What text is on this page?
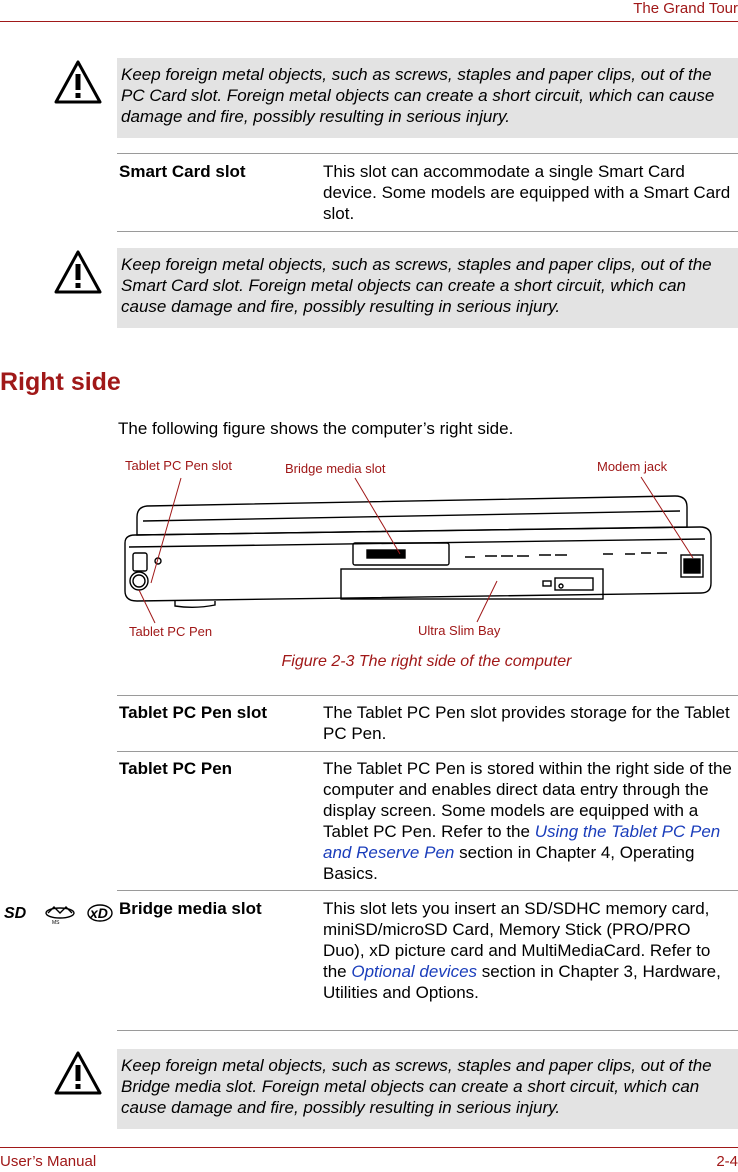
The Grand Tour
Keep foreign metal objects, such as screws, staples and paper clips, out of the PC Card slot. Foreign metal objects can create a short circuit, which can cause damage and fire, possibly resulting in serious injury.
Smart Card slot	This slot can accommodate a single Smart Card device. Some models are equipped with a Smart Card slot.
Keep foreign metal objects, such as screws, staples and paper clips, out of the Smart Card slot. Foreign metal objects can create a short circuit, which can cause damage and fire, possibly resulting in serious injury.
Right side
The following figure shows the computer’s right side.
Tablet PC Pen slot	Bridge media slot	Modem jack
Tablet PC Pen	Ultra Slim Bay
Figure 2-3 The right side of the computer
Tablet PC Pen slot	The Tablet PC Pen slot provides storage for the Tablet PC Pen.
Tablet PC Pen	The Tablet PC Pen is stored within the right side of the computer and enables direct data entry through the display screen. Some models are equipped with a Tablet PC Pen. Refer to the Using the Tablet PC Pen and Reserve Pen section in Chapter 4, Operating Basics.
Bridge media slot	This slot lets you insert an SD/SDHC memory card, miniSD/microSD Card, Memory Stick (PRO/PRO Duo), xD picture card and MultiMediaCard. Refer to the Optional devices section in Chapter 3, Hardware, Utilities and Options.
SD
MS
xD
Keep foreign metal objects, such as screws, staples and paper clips, out of the Bridge media slot. Foreign metal objects can create a short circuit, which can cause damage and fire, possibly resulting in serious injury.
User’s Manual	2-4
